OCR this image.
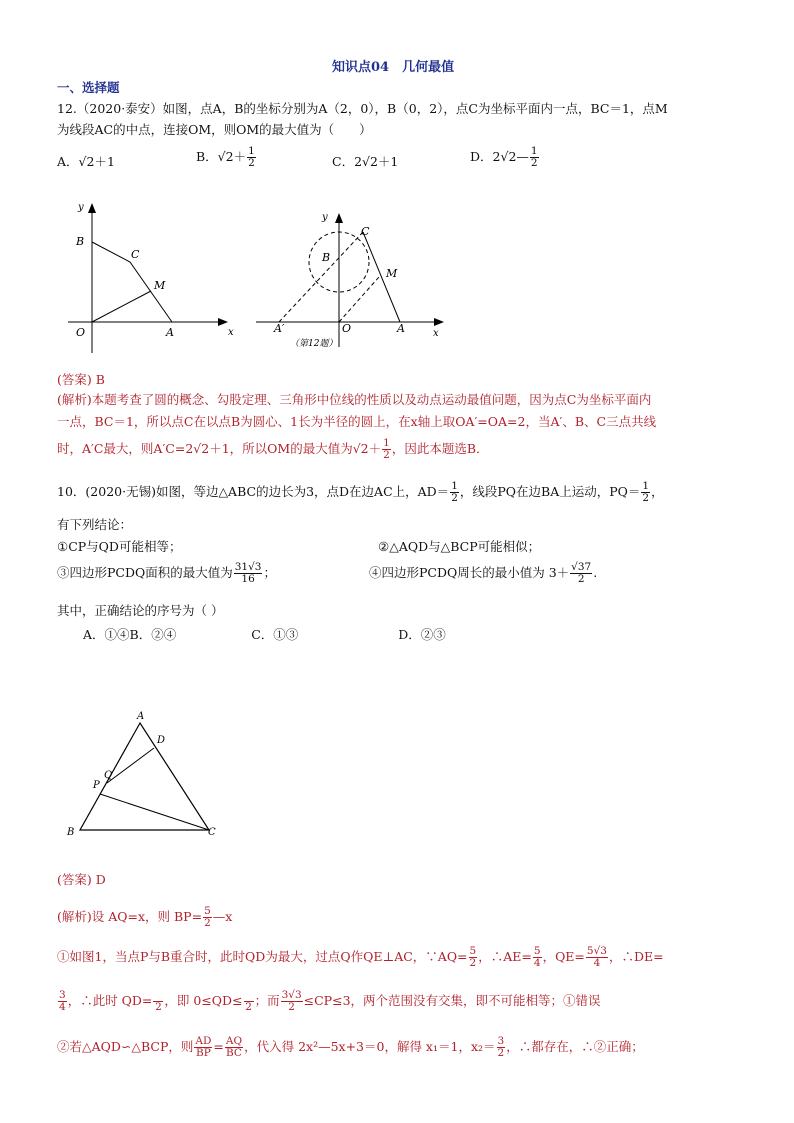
知识点04　几何最值
一、选择题
12.（2020·泰安）如图，点A，B的坐标分别为A（2，0），B（0，2），点C为坐标平面内一点，BC＝1，点M
为线段AC的中点，连接OM，则OM的最大值为（　　）
A．√2＋1	B．$√2+ \frac{1}{2}$	C．2√2＋1	D．2√2— $\frac{1}{2}$
y
x
B
C
M
O	A
y
x
B
C
M
O	A
A′
（第12题）
(答案) B
(解析)本题考查了圆的概念、勾股定理、三角形中位线的性质以及动点运动最值问题，因为点C为坐标平面内
一点，BC＝1，所以点C在以点B为圆心、1长为半径的圆上，在x轴上取OA′=OA=2，当A′、B、C三点共线
时，A′C最大，则A′C=2√2＋1，所以OM的最大值为$√2+ \frac{1}{2}$ ，因此本题选B．
10．(2020·无锡)如图，等边△ABC的边长为3，点D在边AC上，$AD= \frac{1}{2}$ ，线段PQ在边BA上运动，$PQ= \frac{1}{2}$ ，
有下列结论：
①CP与QD可能相等；	②△AQD与△BCP可能相似；
③四边形PCDQ面积的最大值为 $\frac{31√3}{16}$ ；	④四边形PCDQ周长的最小值为 $3+ \frac{√37}{2}$ .
其中，正确结论的序号为（ ）
A．①④B．②④　　　　　　C．①③　　　　　　　　D．②③
A
D
Q
P
B	C
(答案) D
(解析)设 AQ=x，则 $BP= \frac{5}{2}$ —x
①如图1，当点P与B重合时，此时QD为最大，过点Q作QE⊥AC，∵AQ= $\frac{5}{2}$ ，∴AE= $\frac{5}{4}$ ，$QE= \frac{5√3}{4}$ ，∴DE=
$\frac{3}{4}$ ，∴此时 QD= 2 ，即 0≤QD≤ 2 ；而 $\frac{3√3}{2} \le CP\le 3$，两个范围没有交集，即不可能相等；①错误
②若△AQD∽△BCP，则 $\frac{AD}{BP} = \frac{AQ}{BC}$ ，代入得 2x²—5x+3＝0，解得 x₁＝1，$x_2= \frac{3}{2}$ ，∴都存在，∴②正确；
